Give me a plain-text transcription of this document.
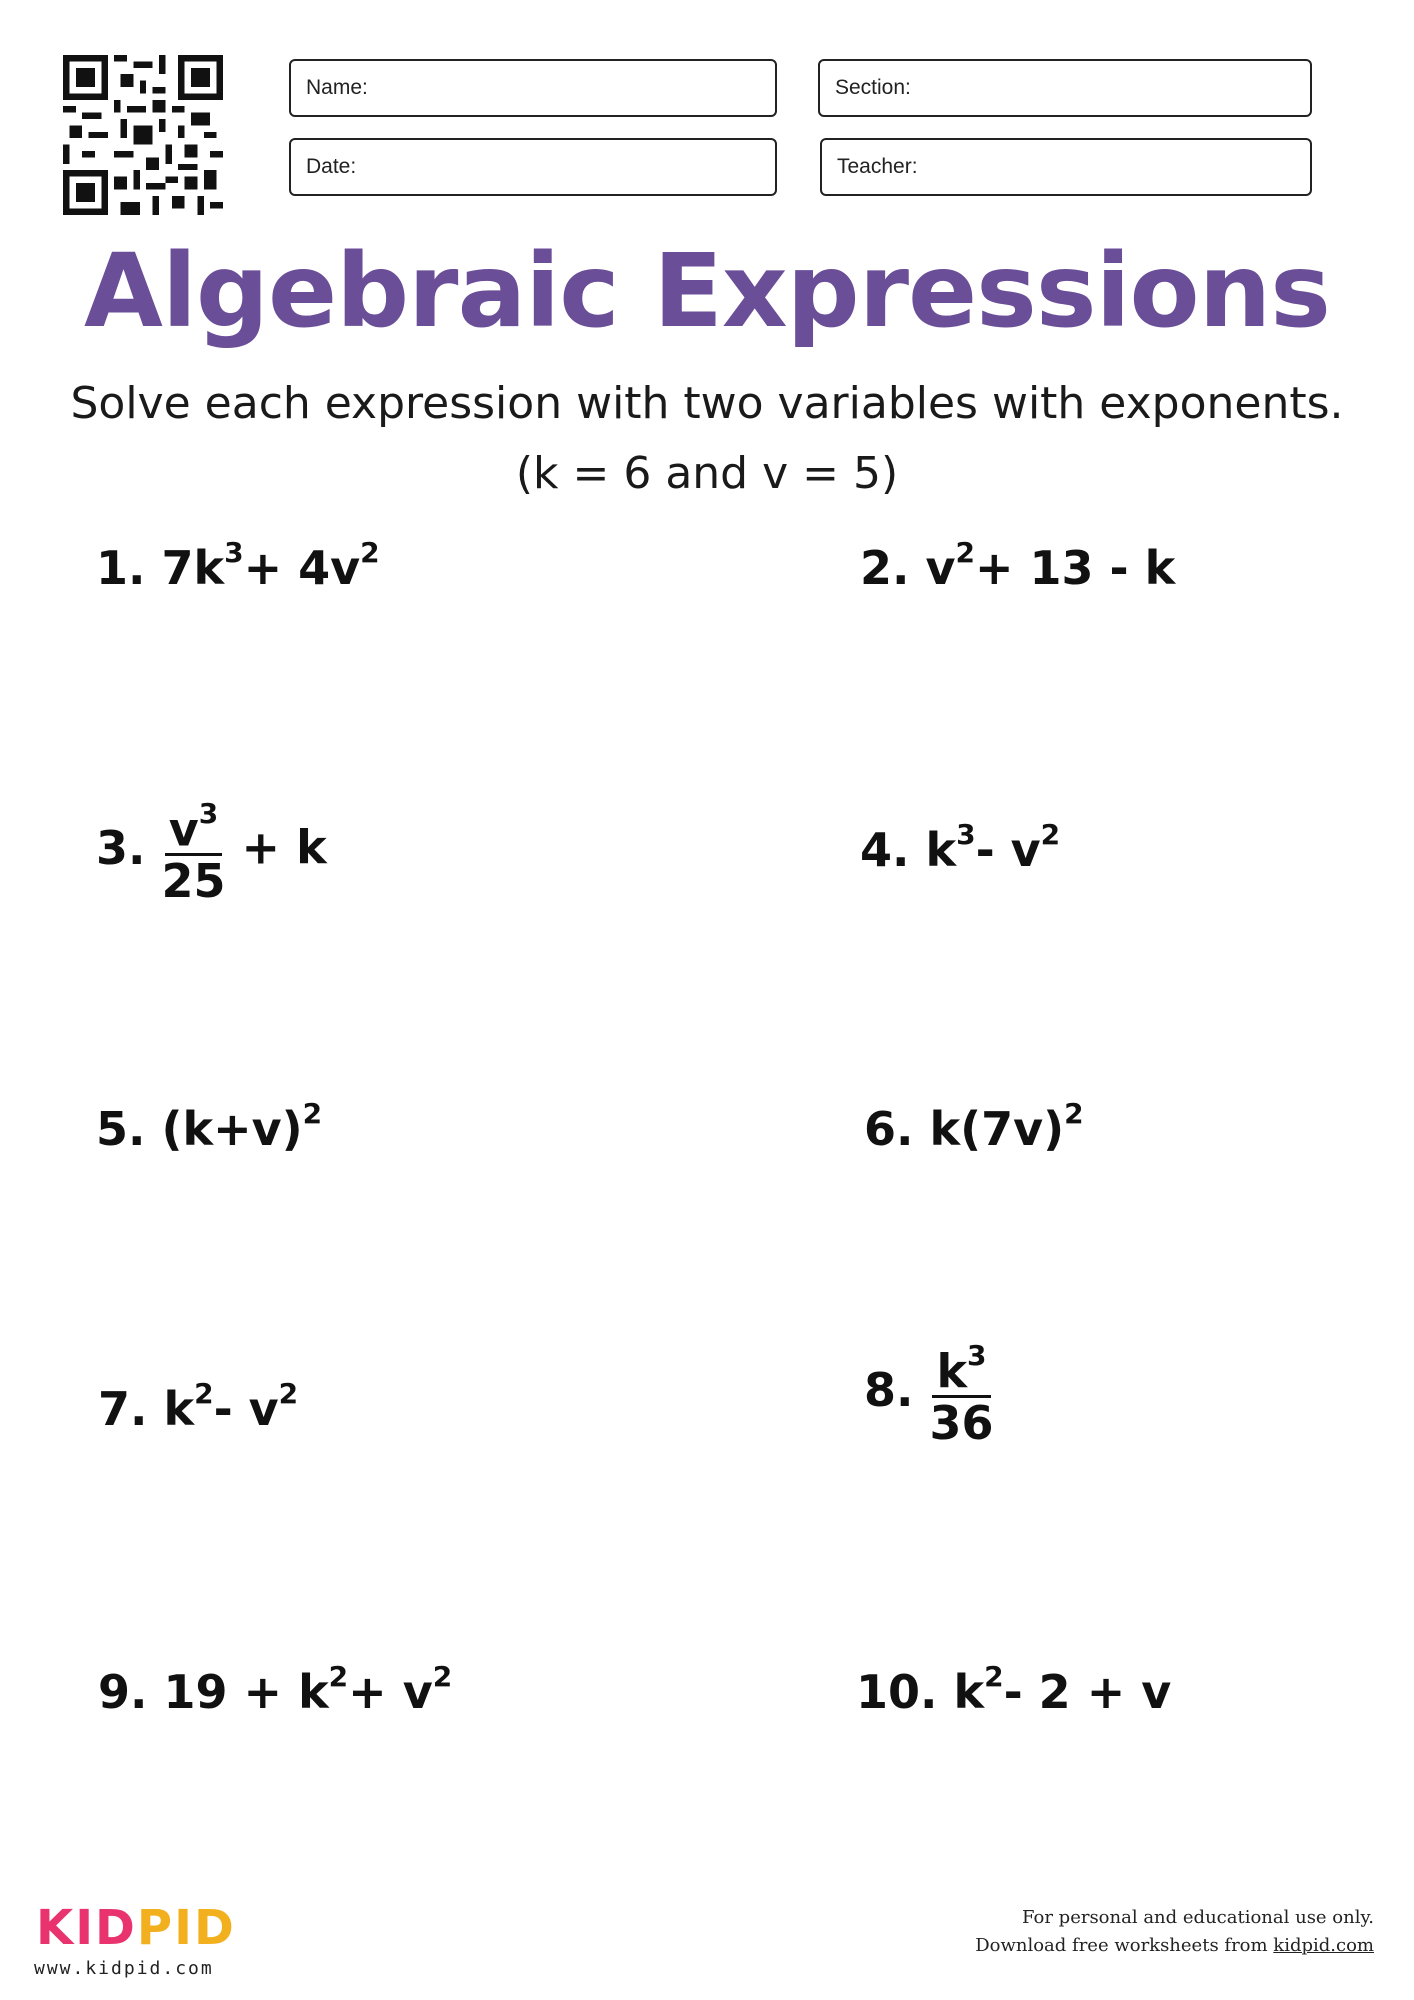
Name:	Section:
Date:	Teacher:
Algebraic Expressions
Solve each expression with two variables with exponents.
(k = 6 and v = 5)
1. $7k^3+ 4v^2$	2. $v^2+ 13 - k$
3. $\frac{v^3}{25} + k$	4. $k^3-$ $v^2$
5. $(k+v)^2$	6. $k(7v)^2$
7. $k^2-$ $v^2$	8. $\frac{k^3}{36}$
9. $19 + k^2+ v^2$	10. $k^2-$ 2 + v
KIDPID
www.kidpid.com
For personal and educational use only.
Download free worksheets from kidpid.com
